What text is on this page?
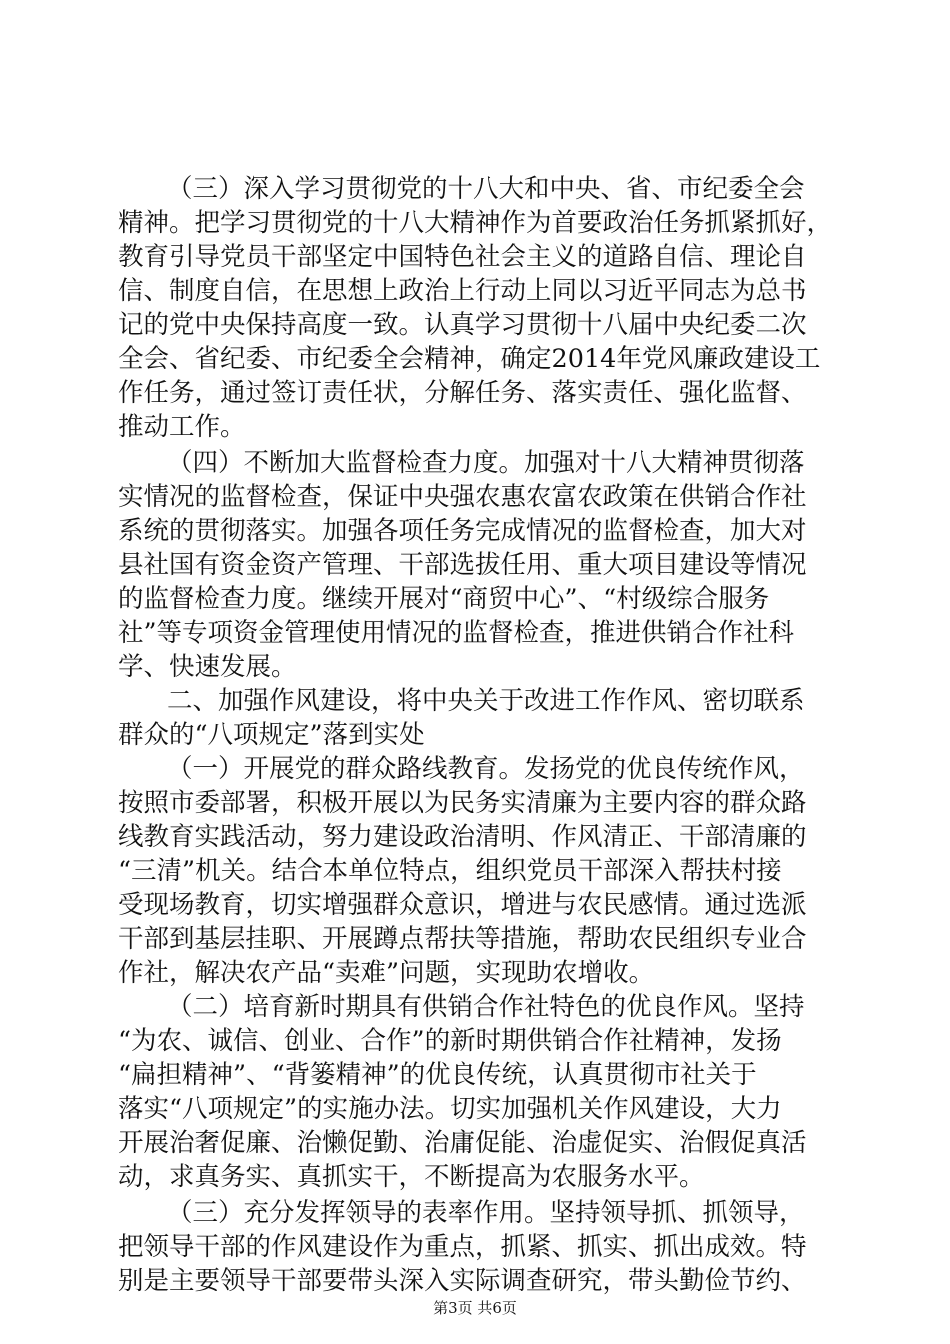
（三）深入学习贯彻党的十八大和中央、省、市纪委全会
精神。把学习贯彻党的十八大精神作为首要政治任务抓紧抓好，
教育引导党员干部坚定中国特色社会主义的道路自信、理论自
信、制度自信，在思想上政治上行动上同以习近平同志为总书
记的党中央保持高度一致。认真学习贯彻十八届中央纪委二次
全会、省纪委、市纪委全会精神，确定2014年党风廉政建设工
作任务，通过签订责任状，分解任务、落实责任、强化监督、
推动工作。
（四）不断加大监督检查力度。加强对十八大精神贯彻落
实情况的监督检查，保证中央强农惠农富农政策在供销合作社
系统的贯彻落实。加强各项任务完成情况的监督检查，加大对
县社国有资金资产管理、干部选拔任用、重大项目建设等情况
的监督检查力度。继续开展对“商贸中心”、“村级综合服务
社”等专项资金管理使用情况的监督检查，推进供销合作社科
学、快速发展。
二、加强作风建设，将中央关于改进工作作风、密切联系
群众的“八项规定”落到实处
（一）开展党的群众路线教育。发扬党的优良传统作风，
按照市委部署，积极开展以为民务实清廉为主要内容的群众路
线教育实践活动，努力建设政治清明、作风清正、干部清廉的
“三清”机关。结合本单位特点，组织党员干部深入帮扶村接
受现场教育，切实增强群众意识，增进与农民感情。通过选派
干部到基层挂职、开展蹲点帮扶等措施，帮助农民组织专业合
作社，解决农产品“卖难”问题，实现助农增收。
（二）培育新时期具有供销合作社特色的优良作风。坚持
“为农、诚信、创业、合作”的新时期供销合作社精神，发扬
“扁担精神”、“背篓精神”的优良传统，认真贯彻市社关于
落实“八项规定”的实施办法。切实加强机关作风建设，大力
开展治奢促廉、治懒促勤、治庸促能、治虚促实、治假促真活
动，求真务实、真抓实干，不断提高为农服务水平。
（三）充分发挥领导的表率作用。坚持领导抓、抓领导，
把领导干部的作风建设作为重点，抓紧、抓实、抓出成效。特
别是主要领导干部要带头深入实际调查研究，带头勤俭节约、
第3页 共6页
